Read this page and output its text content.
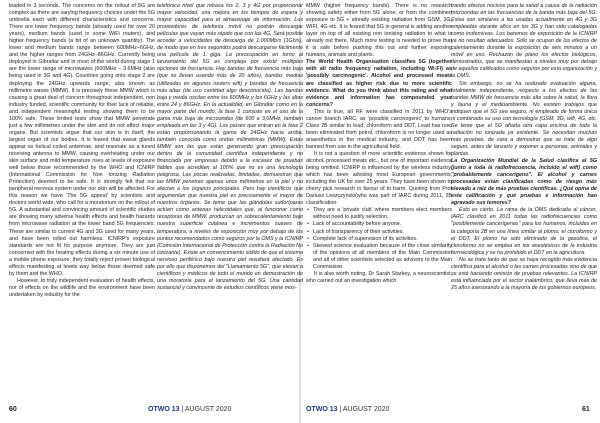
leaded in 3 seconds. The concerns on the rollout of 5G are complex as there are varying frequency choices under the 5G umbrella each with different characteristics and concerns. There are lower frequency bands (already used for over 20 years), medium bands (used in some WiFi routers), and higher frequency bands (a bit of an unknown quantity). The lower and medium bands range between 600MHz–6GHz, and the higher ranges from 24GHz–86GHz. Currently being deployed in Gibraltar and in most of the world during stage 1 are the lower range of microwaves (600MHz – 3.6MHz (also being used in 3G and 4G). Countries going onto stage 2 are deploying the 24GHz upwards range, also known as millimetre waves (MMW). It is precisely these MMW which is causing a great deal of concern throughout independent, non industry funded, scientific community for their lack of reliable, and independent meaningful testing showing them to be 100% safe. These limited tests show that MMW penetrate just a few millimetres under the skin and do not affect major organs. But scientists argue that our skin is in itself, the largest organ of our bodies. It is feared that sweat glands appear as helical coiled antennae, and resonate as a tuned receiving antenna to MMW, causing overheating under our skin surface and mild temperature rises at levels of exposure well below those recommended by the WHO and ICNIRP (International Commission for Non Ionizing Radiation Protection) deemed to be safe. It is strongly felt that our peripheral nervous system under our skin will be affected. For this reason we have 'The 5G appeal' by scientists and doctors world wide, who call for a moratorium on the rollout of 5G. A substantial and convincing amount of scientific studies are showing many adverse health effects and health hazards from microwave radiation at the lower band 5G frequencies. These are similar to current 4G and 3G used for many years, and have been rolled out harmless. ICNIRP's exposure standards are not fit for purpose anymore. They are just concerned with the heating effects during a six minute use of a mobile phone exposure; they totally reject proven biological effects manifesting at levels way below those deemed safe by them and the WHO.

However, to truly independent evaluation of health effects, nor of effects on the wildlife and the environment have been undertaken by industry for the

telefónica nivel que rebasa los 2, 3 y 4G por proporcionar mayor velocidad, una mejora en los tiempos de espera y mayor capacidad para el almacenaje de información. Los proveedores de telefonía móvil no podrán descargar películas que vayan más rápido que con las 4G. Será posible acceder a velocidades de descarga de 1.000Mb/s (1Gb/s), de modo que en tres segundos podrá descargarse fácilmente una película de 1 giga. La preocupación en torno al lanzamiento del 5G es compleja por existir múltiples opciones de frecuencia. Hay bandas de frecuencia más baja (que se llevan usando más de 20 años), bandas medias (utilizadas en algunos routers wifi) y bandas de frecuencia más altas (de uso cantidad algo desconocida). Las bandas baja y media oscilan entre los 600MHz y los 6GHz y las altas entre 24 y 86GHz. En la actualidad, en Gibraltar como en la mayor parte del mundo, la fase 1 consiste en el uso de la gama más baja de microondas (de 600 a 3,6MHz, también empleada en las 3 y 4G). Los países que entran en la fase 2 están proporcionando la gama de 24GHz hacia arriba, también conocida como ondas milimétricas (MMW). Estas MMW son las que están generando gran preocupación dentro de la comunidad científica independiente y no financiada por empresas debido a la escasez de pruebas fiables que acrediten al 100% que no es una tecnología peligrosa. Las pocas realizadas, limitadas, demuestran que las MMW penetran apenas unos milímetros en la piel y no afectan a los órganos principales. Pero hay científicos que argumentan que nuestra piel es precisamente el mayor de nuestros órganos. Se teme que las glándulas sudoríparas actúen como antenas helicoidales que, al funcionar como receptoras de MMW, produzcan un sobrecalentamiento bajo nuestra superficie cutánea e incrementos suaves de temperatura, a niveles de exposición muy por debajo de los puntos recomendados como seguros por la OMS y la ICNIRP (Comisión Internacional de Protección contra la Radiación No Ionizante). Existe un convencimiento sólido de que el sistema nervioso periférico bajo nuestra piel resultará afectado. Es por ello que disponemos del "Llamamiento 5G", que elevan a científicos y médicos de todo el mundo en demostración de una moratoria para el lanzamiento del 5G. Una cantidad sustancial y convincente de estudios científicos viene mos-

MMW (higher frequency bands). There is no research showing safety either from 5G alone, or from the combined exposure to 5G + already existing radiation from GSM, 3G, WIFI, 4G etc. It is feared that 5G in general is adding another layer on top of all existing non ionising radiation to what is already out there. Much more testing is needed to prove that it is safe before pushing this out and further exposing humans, animals and plants.

The World Health Organisation classifies 5G (together with all radio frequency radiation, including Wi-Fi) as 'possibly carcinogenic'. Alcohol and processed meats are classified as higher risk due to more scientific evidence. What do you think about this rating and what evidence and information has compounded your concerns?

This is true, all RF were classified in 2011 by WHO's cancer branch IARC, as 'possible carcinogenic' to humans, Class 2B similar to lead, chloroform and DDT. Lead has now been eliminated from petrol, chloroform is no longer used as anaesthetics in the medical industry, and DDT has been banned from use in the agricultural field.

It is not a question of more scientific evidence shown for alcohol, processed meats etc., but one of important evidence being omitted. ICNIRP is influenced by the wireless industry, which has been advising most European governments, including the UK for over 25 years. They have been shown to cherry pick research in favour of to harm. Quoting from Prof Dariusz Leszczynski(who was part of IARC during 2011, 2B classification:

• They are a 'private club' where members elect members without need to justify selection.

• Lack of accountability before anyone.

• Lack of transparency of their activities.

• Complete lack of supervision of its activities.

• Skewed science evaluation because of the close similarity of the opinions of all members of the Main Commission and all of other scientists selected as advisors to the Main Commission.

It is also worth noting, Dr Sarah Starkey, a neuroscientist, who carried out an investigation which

trando efectos nocivos para la salud a causa de la radiación microondas en las frecuencias de la banda más baja del 5G. Estas son similares a las usadas actualmente en 4G y 3G empleadas durante años en los 3G y han sido catalogadas como inofensivas. Los baremos de exposición de la ICNIRP ya no resultan adecuados. Sólo se ocupan de los efectos de calentamiento durante la exposición de seis minutos a un móvil en uso. Rechazan de plano los efectos biológicos, demostrados, que se manifiestan a niveles muy por debajo de aquellos calificados como seguros por esta organización y la OMS.

Sin embargo, no se ha realizado evaluación alguna, totalmente independiente, respecto a los efectos de las bandas MMW de frecuencia más alta sobre la salud, la flora y fauna y el medioambiente. No existen trabajos que indiquen que el 5G sea seguro, ni empleado de forma única ni combinado su uso con tecnología (GSM, 3G, wifi, 4G, etc. Se teme que el 5G añada otra capa encima de toda la radiación no ionizada ya existente. Se necesitan muchas más pruebas, de cara a demostrar que se trate de algo seguro, antes de lanzarlo y exponer a personas, animales y plantas.

La Organización Mundial de la Salud clasifica al 5G (junto a toda la radiofrecuencia, incluido el wifi) como "probablemente cancerígeno". El alcohol y carnes procesadas están clasificadas como de riesgo más elevado a raíz de más pruebas científicas. ¿Qué opina de esta calificación y qué pruebas e información han agravado sus temores?

Esto es cierto. La rama de la OMS dedicada al cáncer, IARC clasificó en 2011 todas las radiofrecuencias como "posiblemente cancerígenas" para los humanos, incluidas en la categoría 2B en una línea similar al plomo, el cloroformo y el DDT. El plomo ha sido eliminado de la gasolina, el cloroformo no se emplea en los anestésicos de la industria farmacológica y se ha prohibido el DDT en la agricultura.

No se trata tanto de que se haya recogido más evidencia científica para el alcohol o las carnes procesadas sino de que se esté haciendo omisión de pruebas relevantes. La ICNIRP está influenciada por el sector inalámbrico, que lleva más de 25 años asesorando a la mayoría de los gobiernos europeos,

60	OTWO 13 | AUGUST 2020	OTWO 13 | AUGUST 2020	61
